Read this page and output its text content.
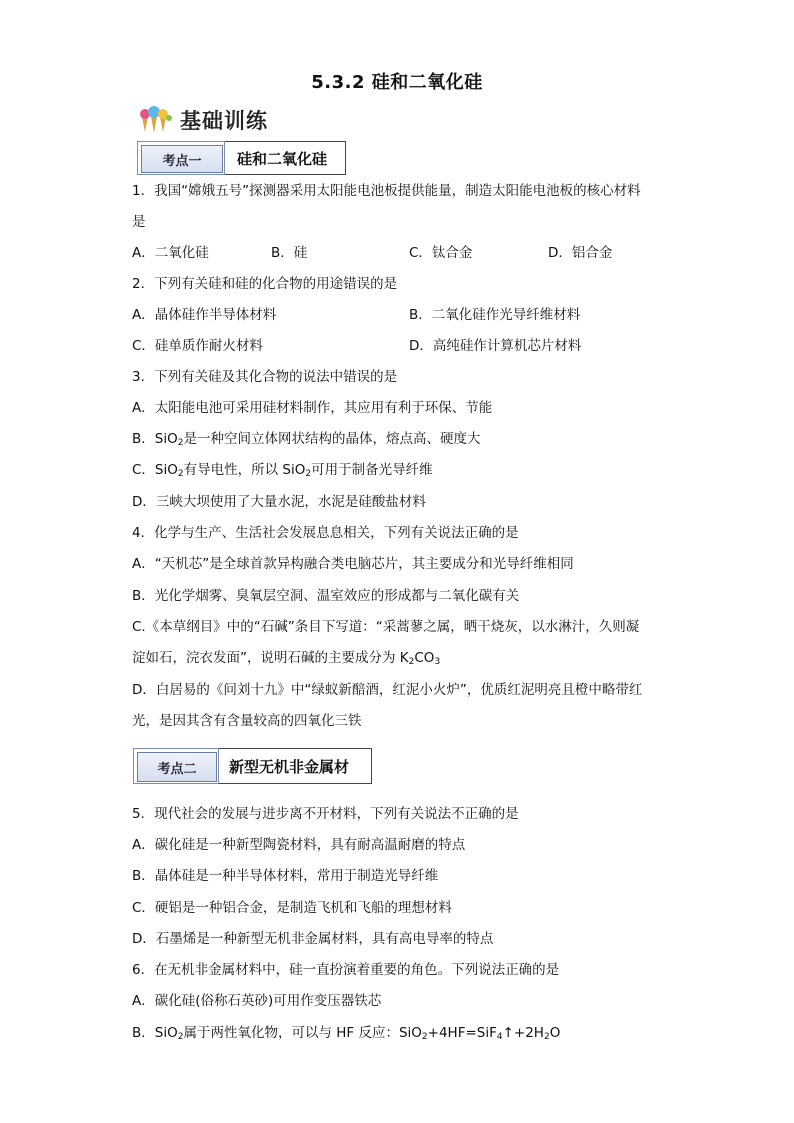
5.3.2 硅和二氧化硅
基础训练
考点一	硅和二氧化硅
1．我国“嫦娥五号”探测器采用太阳能电池板提供能量，制造太阳能电池板的核心材料
是
A．二氧化硅	B．硅	C．钛合金	D．铝合金
2．下列有关硅和硅的化合物的用途错误的是
A．晶体硅作半导体材料	B．二氧化硅作光导纤维材料
C．硅单质作耐火材料	D．高纯硅作计算机芯片材料
3．下列有关硅及其化合物的说法中错误的是
A．太阳能电池可采用硅材料制作，其应用有利于环保、节能
B．SiO$_2$是一种空间立体网状结构的晶体，熔点高、硬度大
C．SiO$_2$有导电性，所以 SiO$_2$可用于制备光导纤维
D．三峡大坝使用了大量水泥，水泥是硅酸盐材料
4．化学与生产、生活社会发展息息相关，下列有关说法正确的是
A．“天机芯”是全球首款异构融合类电脑芯片，其主要成分和光导纤维相同
B．光化学烟雾、臭氧层空洞、温室效应的形成都与二氧化碳有关
C.《本草纲目》中的“石碱”条目下写道：“采蒿蓼之属，晒干烧灰，以水淋汁，久则凝
淀如石，浣衣发面”，说明石碱的主要成分为 $K_2CO_3$
D．白居易的《问刘十九》中“绿蚁新醅酒，红泥小火炉”，优质红泥明亮且橙中略带红
光，是因其含有含量较高的四氧化三铁
考点二	新型无机非金属材
5．现代社会的发展与进步离不开材料，下列有关说法不正确的是
A．碳化硅是一种新型陶瓷材料，具有耐高温耐磨的特点
B．晶体硅是一种半导体材料，常用于制造光导纤维
C．硬铝是一种铝合金，是制造飞机和飞船的理想材料
D．石墨烯是一种新型无机非金属材料，具有高电导率的特点
6．在无机非金属材料中，硅一直扮演着重要的角色。下列说法正确的是
A．碳化硅(俗称石英砂)可用作变压器铁芯
B．SiO$_2$属于两性氧化物，可以与 HF 反应：$SiO_2+4HF=SiF_4↑+2H_2O$
